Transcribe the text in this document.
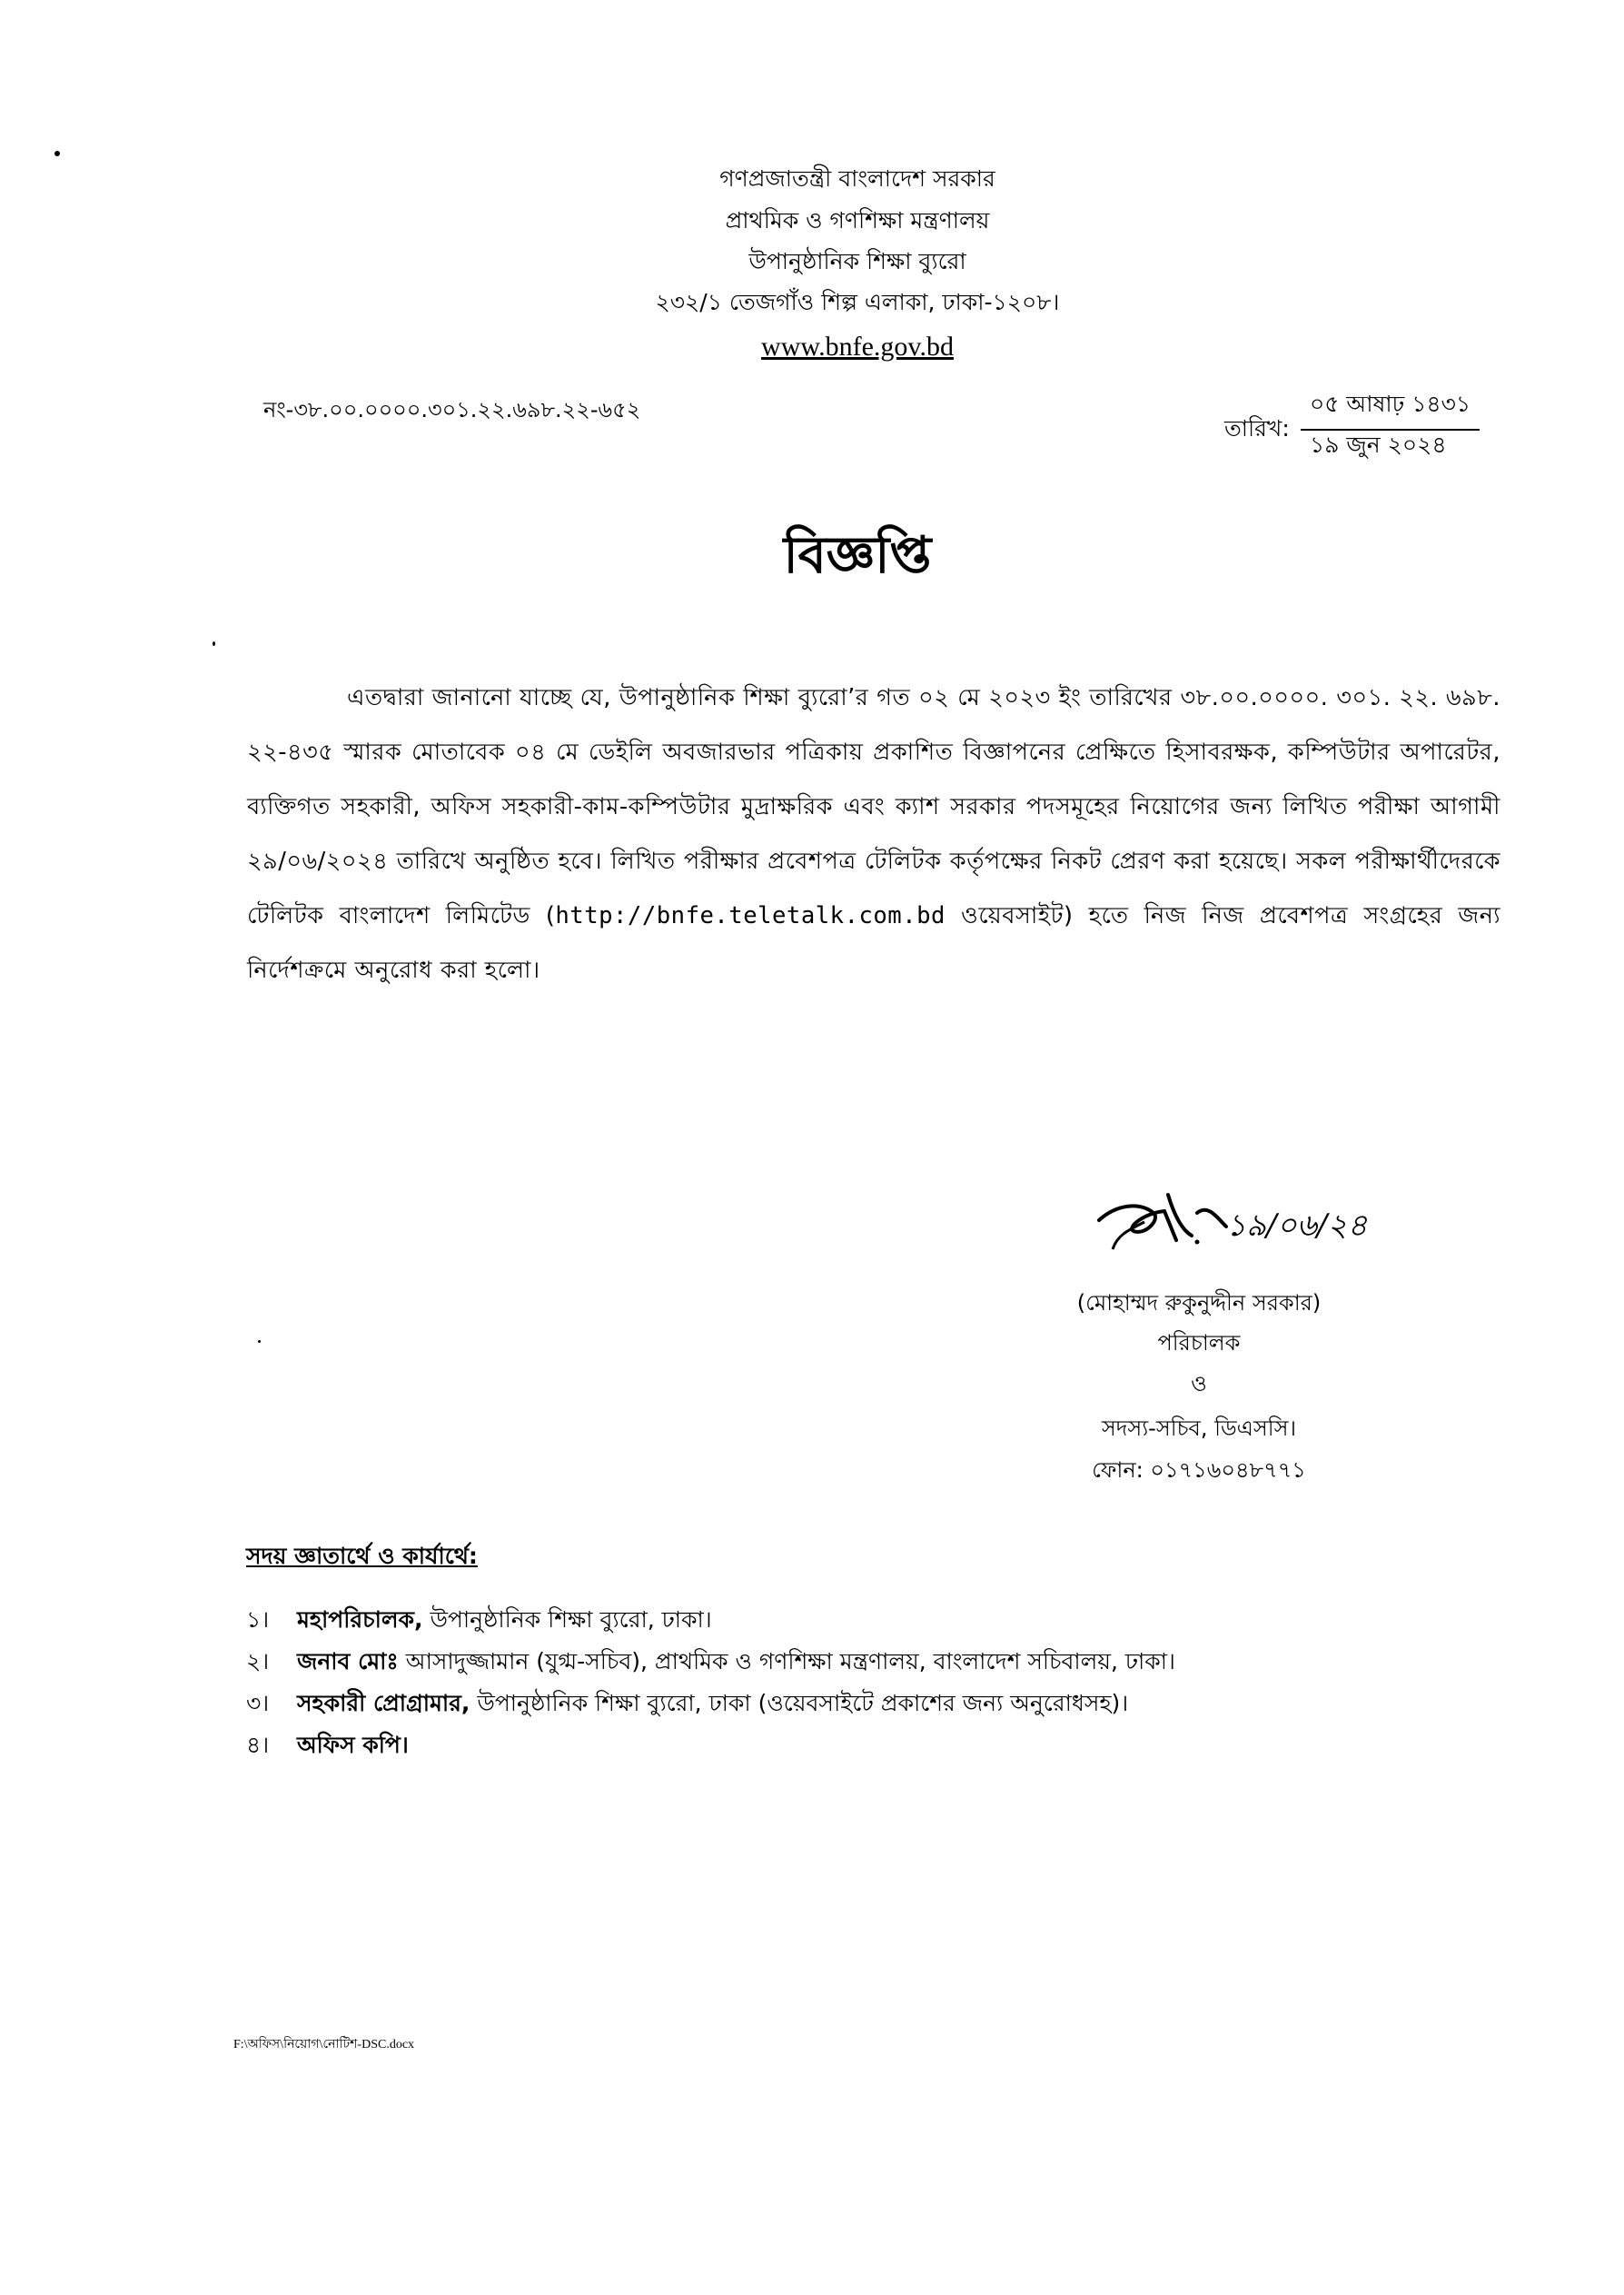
গণপ্রজাতন্ত্রী বাংলাদেশ সরকার
প্রাথমিক ও গণশিক্ষা মন্ত্রণালয়
উপানুষ্ঠানিক শিক্ষা ব্যুরো
২৩২/১ তেজগাঁও শিল্প এলাকা, ঢাকা-১২০৮।
www.bnfe.gov.bd
নং-৩৮.০০.০০০০.৩০১.২২.৬৯৮.২২-৬৫২
তারিখ:
০৫ আষাঢ় ১৪৩১
১৯ জুন ২০২৪
বিজ্ঞপ্তি

এতদ্বারা জানানো যাচ্ছে যে, উপানুষ্ঠানিক শিক্ষা ব্যুরো’র গত ০২ মে ২০২৩ ইং তারিখের ৩৮.০০.০০০০. ৩০১. ২২. ৬৯৮. ২২-৪৩৫ স্মারক মোতাবেক ০৪ মে ডেইলি অবজারভার পত্রিকায় প্রকাশিত বিজ্ঞাপনের প্রেক্ষিতে হিসাবরক্ষক, কম্পিউটার অপারেটর, ব্যক্তিগত সহকারী, অফিস সহকারী-কাম-কম্পিউটার মুদ্রাক্ষরিক এবং ক্যাশ সরকার পদসমূহের নিয়োগের জন্য লিখিত পরীক্ষা আগামী ২৯/০৬/২০২৪ তারিখে অনুষ্ঠিত হবে। লিখিত পরীক্ষার প্রবেশপত্র টেলিটক কর্তৃপক্ষের নিকট প্রেরণ করা হয়েছে। সকল পরীক্ষার্থীদেরকে টেলিটক বাংলাদেশ লিমিটেড (http://bnfe.teletalk.com.bd ওয়েবসাইট) হতে নিজ নিজ প্রবেশপত্র সংগ্রহের জন্য নির্দেশক্রমে অনুরোধ করা হলো।

১৯/০৬/২৪
(মোহাম্মদ রুকুনুদ্দীন সরকার)
পরিচালক
ও
সদস্য-সচিব, ডিএসসি।
ফোন: ০১৭১৬০৪৮৭৭১
সদয় জ্ঞাতার্থে ও কার্যার্থে:
১। মহাপরিচালক, উপানুষ্ঠানিক শিক্ষা ব্যুরো, ঢাকা।
২। জনাব মোঃ আসাদুজ্জামান (যুগ্ম-সচিব), প্রাথমিক ও গণশিক্ষা মন্ত্রণালয়, বাংলাদেশ সচিবালয়, ঢাকা।
৩। সহকারী প্রোগ্রামার, উপানুষ্ঠানিক শিক্ষা ব্যুরো, ঢাকা (ওয়েবসাইটে প্রকাশের জন্য অনুরোধসহ)।
৪। অফিস কপি।
F:\অফিস\নিয়োগ\নোটিশ-DSC.docx
